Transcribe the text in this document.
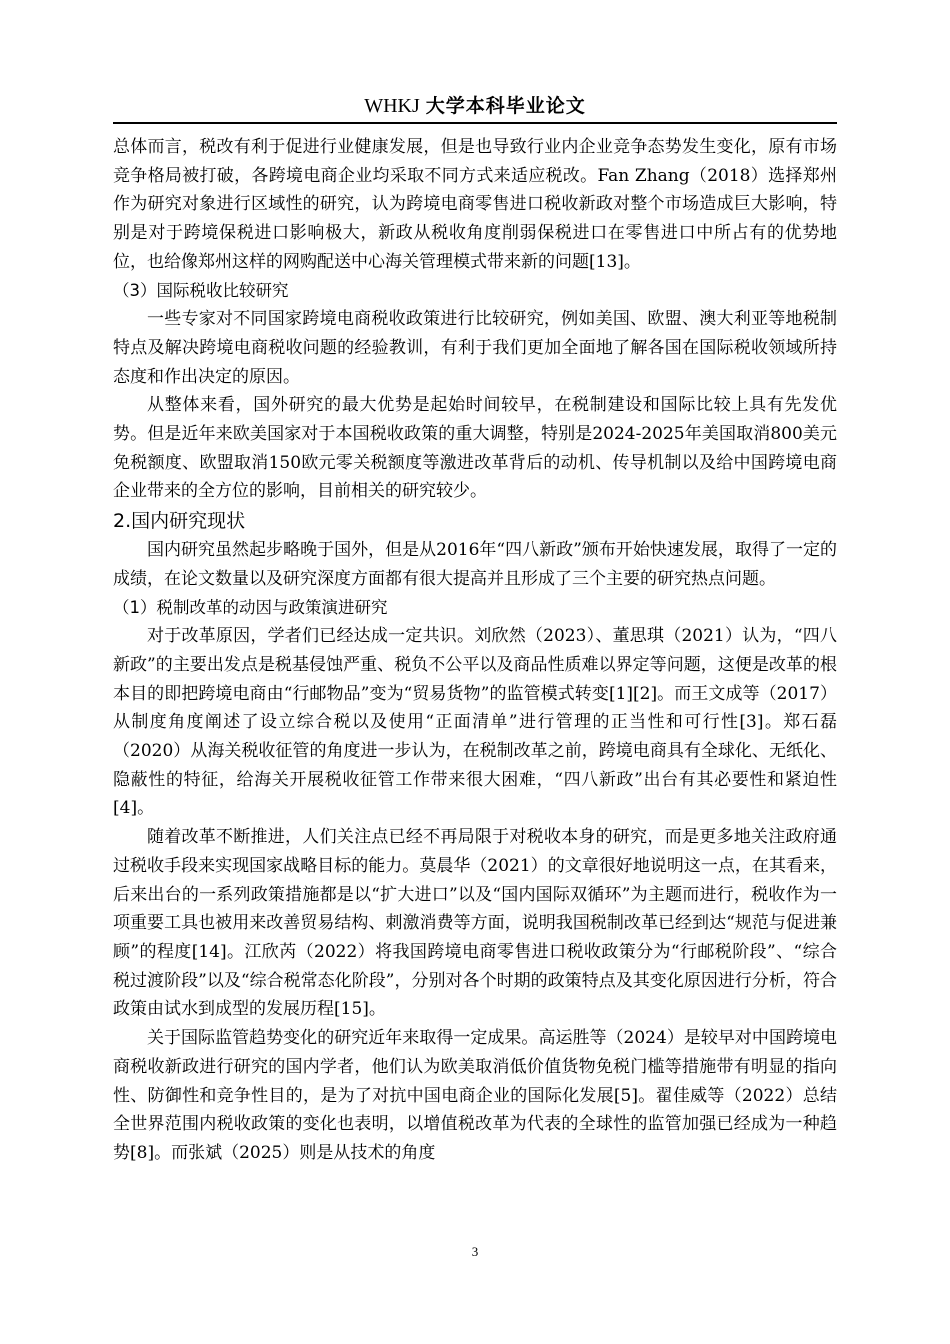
WHKJ 大学本科毕业论文

总体而言，税改有利于促进行业健康发展，但是也导致行业内企业竞争态势发生变化，原有市场竞争格局被打破，各跨境电商企业均采取不同方式来适应税改。Fan Zhang（2018）选择郑州作为研究对象进行区域性的研究，认为跨境电商零售进口税收新政对整个市场造成巨大影响，特别是对于跨境保税进口影响极大，新政从税收角度削弱保税进口在零售进口中所占有的优势地位，也给像郑州这样的网购配送中心海关管理模式带来新的问题[13]。

（3）国际税收比较研究

一些专家对不同国家跨境电商税收政策进行比较研究，例如美国、欧盟、澳大利亚等地税制特点及解决跨境电商税收问题的经验教训，有利于我们更加全面地了解各国在国际税收领域所持态度和作出决定的原因。

从整体来看，国外研究的最大优势是起始时间较早，在税制建设和国际比较上具有先发优势。但是近年来欧美国家对于本国税收政策的重大调整，特别是2024-2025年美国取消800美元免税额度、欧盟取消150欧元零关税额度等激进改革背后的动机、传导机制以及给中国跨境电商企业带来的全方位的影响，目前相关的研究较少。

2.国内研究现状

国内研究虽然起步略晚于国外，但是从2016年“四八新政”颁布开始快速发展，取得了一定的成绩，在论文数量以及研究深度方面都有很大提高并且形成了三个主要的研究热点问题。

（1）税制改革的动因与政策演进研究

对于改革原因，学者们已经达成一定共识。刘欣然（2023）、董思琪（2021）认为，“四八新政”的主要出发点是税基侵蚀严重、税负不公平以及商品性质难以界定等问题，这便是改革的根本目的即把跨境电商由“行邮物品”变为“贸易货物”的监管模式转变[1][2]。而王文成等（2017）从制度角度阐述了设立综合税以及使用“正面清单”进行管理的正当性和可行性[3]。郑石磊（2020）从海关税收征管的角度进一步认为，在税制改革之前，跨境电商具有全球化、无纸化、隐蔽性的特征，给海关开展税收征管工作带来很大困难，“四八新政”出台有其必要性和紧迫性[4]。

随着改革不断推进，人们关注点已经不再局限于对税收本身的研究，而是更多地关注政府通过税收手段来实现国家战略目标的能力。莫晨华（2021）的文章很好地说明这一点，在其看来，后来出台的一系列政策措施都是以“扩大进口”以及“国内国际双循环”为主题而进行，税收作为一项重要工具也被用来改善贸易结构、刺激消费等方面，说明我国税制改革已经到达“规范与促进兼顾”的程度[14]。江欣芮（2022）将我国跨境电商零售进口税收政策分为“行邮税阶段”、“综合税过渡阶段”以及“综合税常态化阶段”，分别对各个时期的政策特点及其变化原因进行分析，符合政策由试水到成型的发展历程[15]。

关于国际监管趋势变化的研究近年来取得一定成果。高运胜等（2024）是较早对中国跨境电商税收新政进行研究的国内学者，他们认为欧美取消低价值货物免税门槛等措施带有明显的指向性、防御性和竞争性目的，是为了对抗中国电商企业的国际化发展[5]。翟佳威等（2022）总结全世界范围内税收政策的变化也表明，以增值税改革为代表的全球性的监管加强已经成为一种趋势[8]。而张斌（2025）则是从技术的角度

3
